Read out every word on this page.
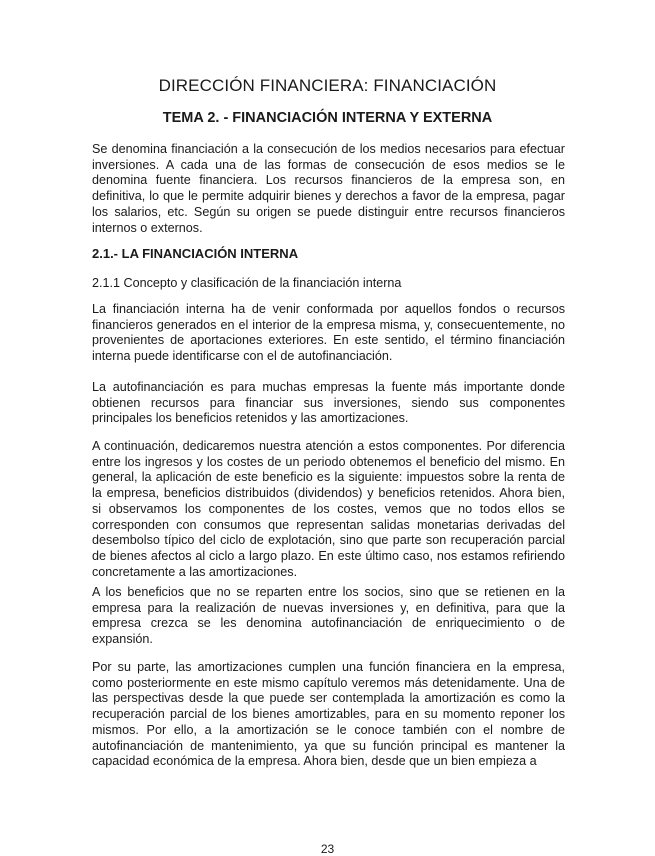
DIRECCIÓN FINANCIERA: FINANCIACIÓN
TEMA 2. - FINANCIACIÓN INTERNA Y EXTERNA

Se denomina financiación a la consecución de los medios necesarios para efectuar inversiones. A cada una de las formas de consecución de esos medios se le denomina fuente financiera. Los recursos financieros de la empresa son, en definitiva, lo que le permite adquirir bienes y derechos a favor de la empresa, pagar los salarios, etc. Según su origen se puede distinguir entre recursos financieros internos o externos.

2.1.- LA FINANCIACIÓN INTERNA

2.1.1 Concepto y clasificación de la financiación interna

La financiación interna ha de venir conformada por aquellos fondos o recursos financieros generados en el interior de la empresa misma, y, consecuentemente, no provenientes de aportaciones exteriores. En este sentido, el término financiación interna puede identificarse con el de autofinanciación.

La autofinanciación es para muchas empresas la fuente más importante donde obtienen recursos para financiar sus inversiones, siendo sus componentes principales los beneficios retenidos y las amortizaciones.

A continuación, dedicaremos nuestra atención a estos componentes. Por diferencia entre los ingresos y los costes de un periodo obtenemos el beneficio del mismo. En general, la aplicación de este beneficio es la siguiente: impuestos sobre la renta de la empresa, beneficios distribuidos (dividendos) y beneficios retenidos. Ahora bien, si observamos los componentes de los costes, vemos que no todos ellos se corresponden con consumos que representan salidas monetarias derivadas del desembolso típico del ciclo de explotación, sino que parte son recuperación parcial de bienes afectos al ciclo a largo plazo. En este último caso, nos estamos refiriendo concretamente a las amortizaciones.

A los beneficios que no se reparten entre los socios, sino que se retienen en la empresa para la realización de nuevas inversiones y, en definitiva, para que la empresa crezca se les denomina autofinanciación de enriquecimiento o de expansión.

Por su parte, las amortizaciones cumplen una función financiera en la empresa, como posteriormente en este mismo capítulo veremos más detenidamente. Una de las perspectivas desde la que puede ser contemplada la amortización es como la recuperación parcial de los bienes amortizables, para en su momento reponer los mismos. Por ello, a la amortización se le conoce también con el nombre de autofinanciación de mantenimiento, ya que su función principal es mantener la capacidad económica de la empresa. Ahora bien, desde que un bien empieza a

23
